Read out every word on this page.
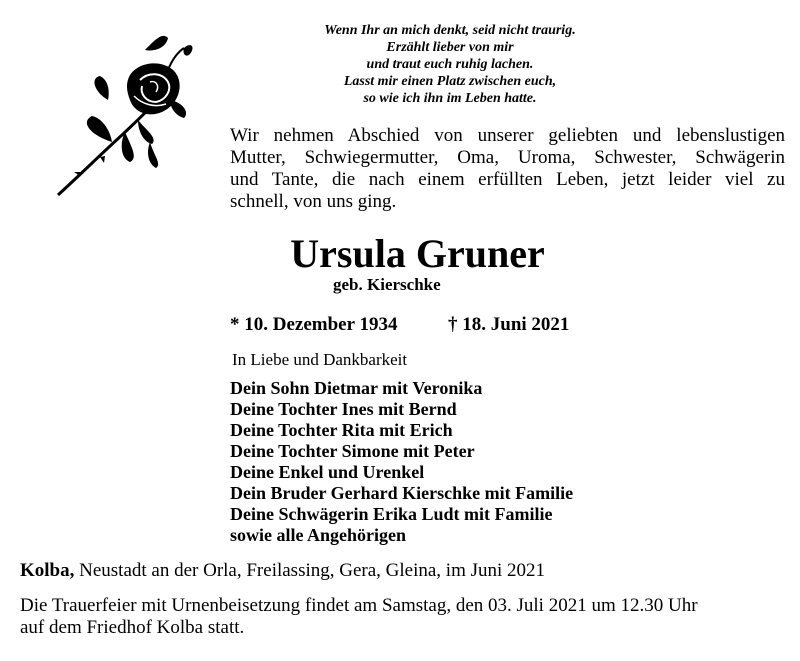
Wenn Ihr an mich denkt, seid nicht traurig.
Erzählt lieber von mir
und traut euch ruhig lachen.
Lasst mir einen Platz zwischen euch,
so wie ich ihn im Leben hatte.
Wir nehmen Abschied von unserer geliebten und lebenslustigen
Mutter, Schwiegermutter, Oma, Uroma, Schwester, Schwägerin
und Tante, die nach einem erfüllten Leben, jetzt leider viel zu
schnell, von uns ging.
Ursula Gruner
geb. Kierschke
* 10. Dezember 1934	† 18. Juni 2021
In Liebe und Dankbarkeit
Dein Sohn Dietmar mit Veronika
Deine Tochter Ines mit Bernd
Deine Tochter Rita mit Erich
Deine Tochter Simone mit Peter
Deine Enkel und Urenkel
Dein Bruder Gerhard Kierschke mit Familie
Deine Schwägerin Erika Ludt mit Familie
sowie alle Angehörigen
Kolba, Neustadt an der Orla, Freilassing, Gera, Gleina, im Juni 2021
Die Trauerfeier mit Urnenbeisetzung findet am Samstag, den 03. Juli 2021 um 12.30 Uhr
auf dem Friedhof Kolba statt.
